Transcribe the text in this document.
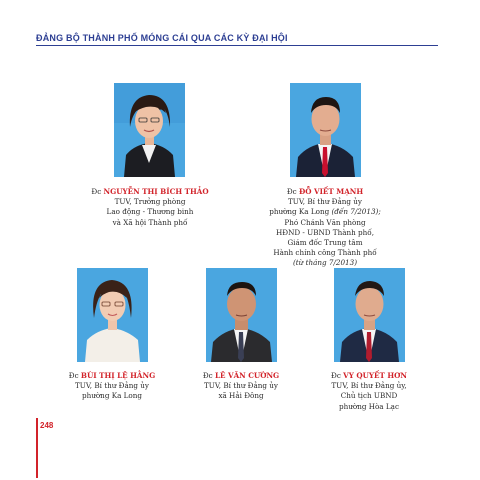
ĐẢNG BỘ THÀNH PHỐ MÓNG CÁI QUA CÁC KỲ ĐẠI HỘI
Đc NGUYỄN THỊ BÍCH THẢO
TUV, Trưởng phòng
Lao động - Thương binh
và Xã hội Thành phố
Đc ĐỖ VIẾT MẠNH
TUV, Bí thư Đảng ủy
phường Ka Long (đến 7/2013);
Phó Chánh Văn phòng
HĐND - UBND Thành phố,
Giám đốc Trung tâm
Hành chính công Thành phố
(từ tháng 7/2013)
Đc BÙI THỊ LỆ HẰNG
TUV, Bí thư Đảng ủy
phường Ka Long
Đc LÊ VĂN CƯỜNG
TUV, Bí thư Đảng ủy
xã Hải Đông
Đc VY QUYẾT HƠN
TUV, Bí thư Đảng ủy,
Chủ tịch UBND
phường Hòa Lạc
248
